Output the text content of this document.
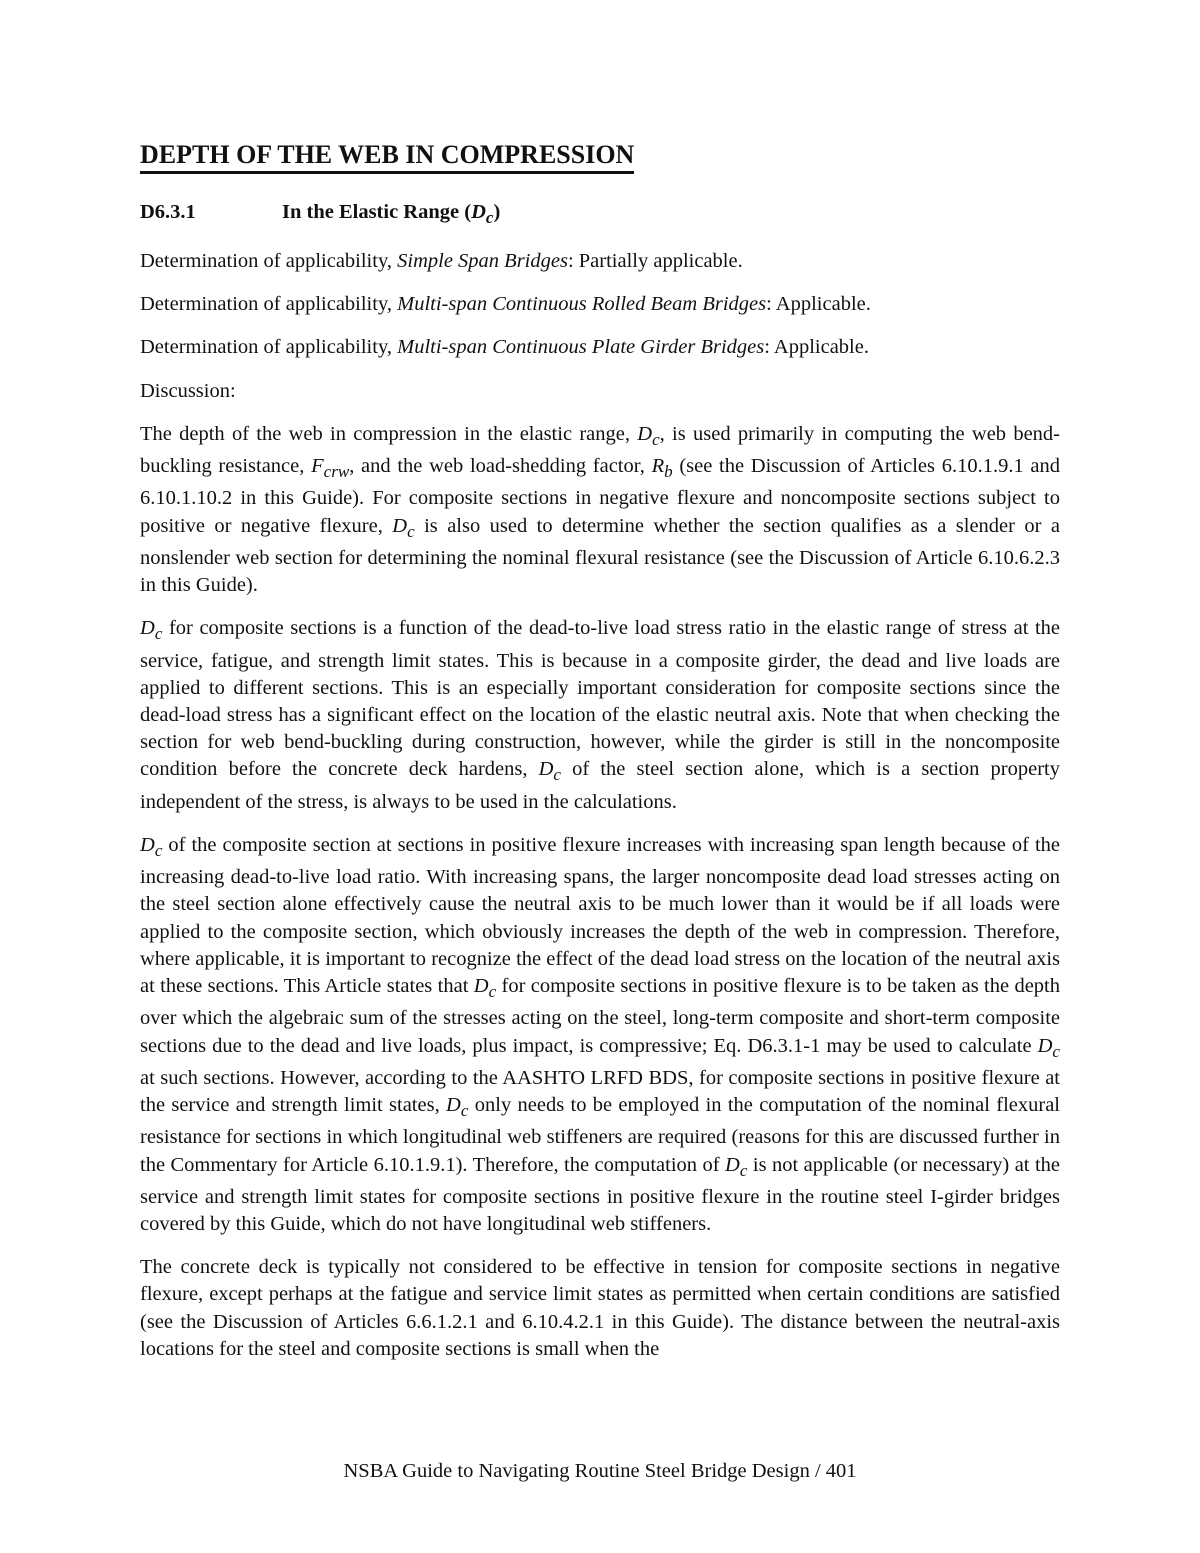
DEPTH OF THE WEB IN COMPRESSION
D6.3.1	In the Elastic Range $(D_c)$

Determination of applicability, Simple Span Bridges: Partially applicable.

Determination of applicability, Multi-span Continuous Rolled Beam Bridges: Applicable.

Determination of applicability, Multi-span Continuous Plate Girder Bridges: Applicable.

Discussion:

The depth of the web in compression in the elastic range, $D_c$, is used primarily in computing the web bend-buckling resistance, $F_{crw}$, and the web load-shedding factor, $R_b$ (see the Discussion of Articles 6.10.1.9.1 and 6.10.1.10.2 in this Guide). For composite sections in negative flexure and noncomposite sections subject to positive or negative flexure, $D_c$ is also used to determine whether the section qualifies as a slender or a nonslender web section for determining the nominal flexural resistance (see the Discussion of Article 6.10.6.2.3 in this Guide).

$D_c$ for composite sections is a function of the dead-to-live load stress ratio in the elastic range of stress at the service, fatigue, and strength limit states. This is because in a composite girder, the dead and live loads are applied to different sections. This is an especially important consideration for composite sections since the dead-load stress has a significant effect on the location of the elastic neutral axis. Note that when checking the section for web bend-buckling during construction, however, while the girder is still in the noncomposite condition before the concrete deck hardens, $D_c$ of the steel section alone, which is a section property independent of the stress, is always to be used in the calculations.

$D_c$ of the composite section at sections in positive flexure increases with increasing span length because of the increasing dead-to-live load ratio. With increasing spans, the larger noncomposite dead load stresses acting on the steel section alone effectively cause the neutral axis to be much lower than it would be if all loads were applied to the composite section, which obviously increases the depth of the web in compression. Therefore, where applicable, it is important to recognize the effect of the dead load stress on the location of the neutral axis at these sections. This Article states that $D_c$ for composite sections in positive flexure is to be taken as the depth over which the algebraic sum of the stresses acting on the steel, long-term composite and short-term composite sections due to the dead and live loads, plus impact, is compressive; Eq. D6.3.1-1 may be used to calculate $D_c$ at such sections. However, according to the AASHTO LRFD BDS, for composite sections in positive flexure at the service and strength limit states, $D_c$ only needs to be employed in the computation of the nominal flexural resistance for sections in which longitudinal web stiffeners are required (reasons for this are discussed further in the Commentary for Article 6.10.1.9.1). Therefore, the computation of $D_c$ is not applicable (or necessary) at the service and strength limit states for composite sections in positive flexure in the routine steel I-girder bridges covered by this Guide, which do not have longitudinal web stiffeners.

The concrete deck is typically not considered to be effective in tension for composite sections in negative flexure, except perhaps at the fatigue and service limit states as permitted when certain conditions are satisfied (see the Discussion of Articles 6.6.1.2.1 and 6.10.4.2.1 in this Guide). The distance between the neutral-axis locations for the steel and composite sections is small when the

NSBA Guide to Navigating Routine Steel Bridge Design / 401
